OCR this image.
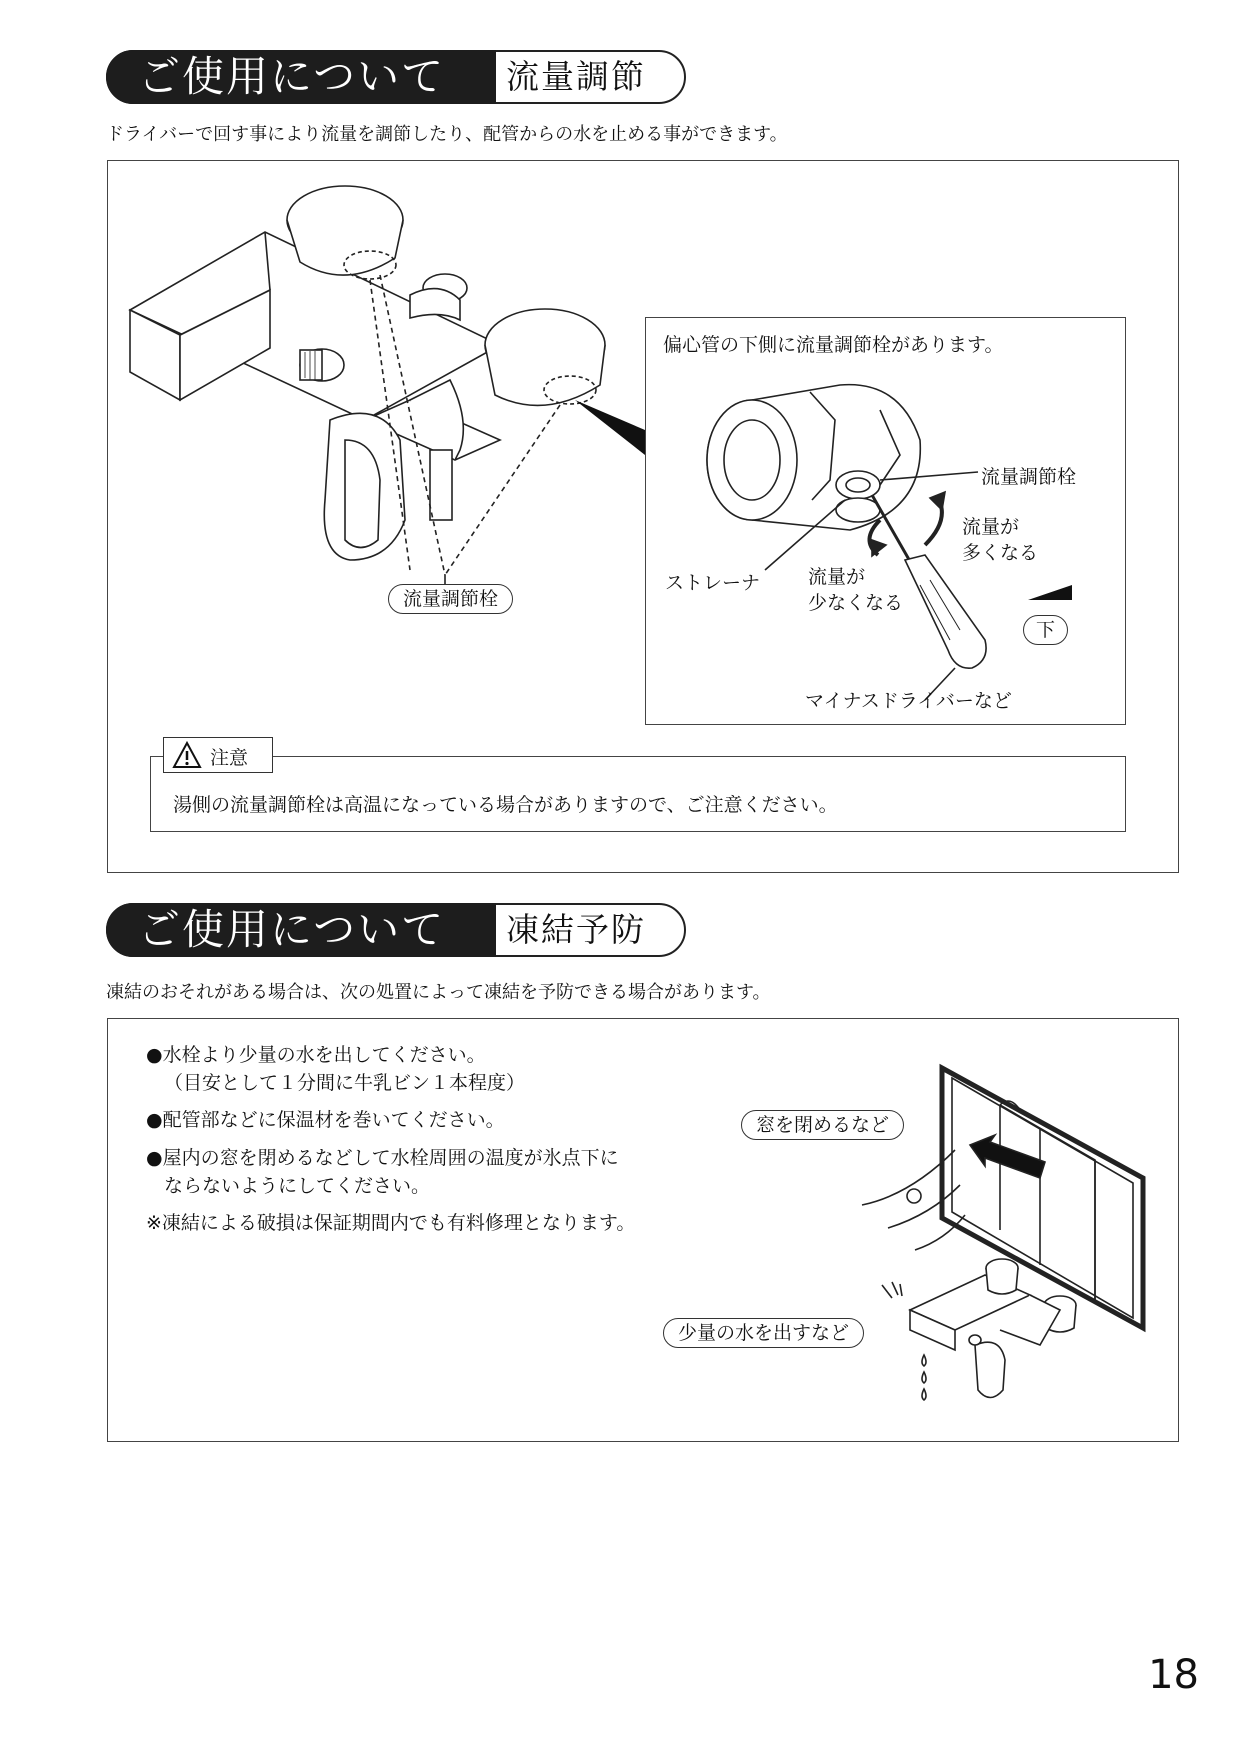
ご使用について	流量調節
ドライバーで回す事により流量を調節したり、配管からの水を止める事ができます。
流量調節栓
偏心管の下側に流量調節栓があります。
流量調節栓
流量が
多くなる
ストレーナ	流量が
少なくなる
下
マイナスドライバーなど
注意
湯側の流量調節栓は高温になっている場合がありますので、ご注意ください。
ご使用について	凍結予防
凍結のおそれがある場合は、次の処置によって凍結を予防できる場合があります。
●水栓より少量の水を出してください。
（目安として１分間に牛乳ビン１本程度）
●配管部などに保温材を巻いてください。
●屋内の窓を閉めるなどして水栓周囲の温度が氷点下に
ならないようにしてください。
※凍結による破損は保証期間内でも有料修理となります。
窓を閉めるなど
少量の水を出すなど
18
